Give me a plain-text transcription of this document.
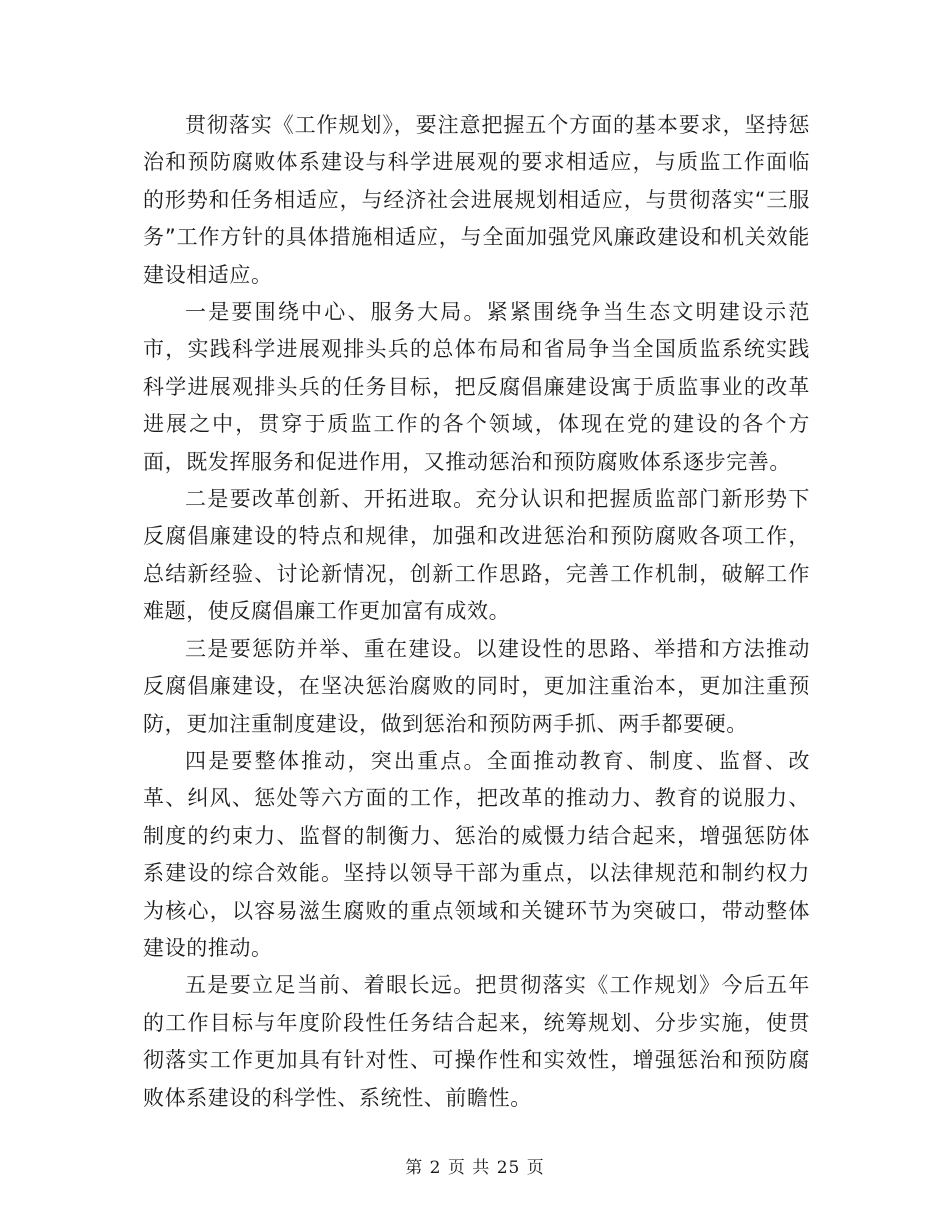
贯彻落实《工作规划》，要注意把握五个方面的基本要求，坚持惩治和预防腐败体系建设与科学进展观的要求相适应，与质监工作面临的形势和任务相适应，与经济社会进展规划相适应，与贯彻落实“三服务”工作方针的具体措施相适应，与全面加强党风廉政建设和机关效能建设相适应。

一是要围绕中心、服务大局。紧紧围绕争当生态文明建设示范市，实践科学进展观排头兵的总体布局和省局争当全国质监系统实践科学进展观排头兵的任务目标，把反腐倡廉建设寓于质监事业的改革进展之中，贯穿于质监工作的各个领域，体现在党的建设的各个方面，既发挥服务和促进作用，又推动惩治和预防腐败体系逐步完善。

二是要改革创新、开拓进取。充分认识和把握质监部门新形势下反腐倡廉建设的特点和规律，加强和改进惩治和预防腐败各项工作，总结新经验、讨论新情况，创新工作思路，完善工作机制，破解工作难题，使反腐倡廉工作更加富有成效。

三是要惩防并举、重在建设。以建设性的思路、举措和方法推动反腐倡廉建设，在坚决惩治腐败的同时，更加注重治本，更加注重预防，更加注重制度建设，做到惩治和预防两手抓、两手都要硬。

四是要整体推动，突出重点。全面推动教育、制度、监督、改革、纠风、惩处等六方面的工作，把改革的推动力、教育的说服力、制度的约束力、监督的制衡力、惩治的威慑力结合起来，增强惩防体系建设的综合效能。坚持以领导干部为重点，以法律规范和制约权力为核心，以容易滋生腐败的重点领域和关键环节为突破口，带动整体建设的推动。

五是要立足当前、着眼长远。把贯彻落实《工作规划》今后五年的工作目标与年度阶段性任务结合起来，统筹规划、分步实施，使贯彻落实工作更加具有针对性、可操作性和实效性，增强惩治和预防腐败体系建设的科学性、系统性、前瞻性。

第 2 页 共 25 页
